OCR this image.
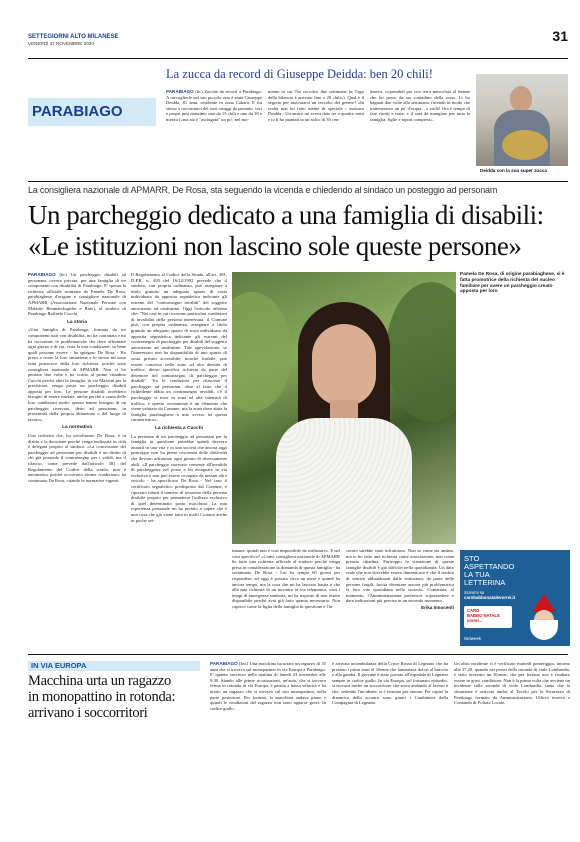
SETTEGIORNI ALTO MILANESE
VENERDÌ 27 NOVEMBRE 2020	31
PARABIAGO
La zucca da record di Giuseppe Deidda: ben 20 chili!
PARABIAGO (bc) Zucche da record a Parabiago. A raccoglierle nel suo piccolo orto è stato Giuseppe Deidda, 81 anni, residente in zona Cakara. E lui stesso a raccontarci del suoi ortaggi da primato, veri e propri pesi massimi: uno da 15 chili e uno da 18 e mezzo («ma sta è "asciugata" un po'; nel mo-
mento in cui l'ho raccolta, due settimane fa, l'ago della bilancia è arrivato fino a 20 chili»). Qual è il segreto per assicurarsi un raccolto del genere? «In realtà non ho fatto niente di speciale - assicura Deidda - Un amico mi aveva dato tre o quattro semi e io li ho piantati in un solco di 30 cen-
timetri, coprendoli poi con terra mescolata al letame che ho preso da un contadino della zona. Li ho bagnati due volte alla settimana, facendo in modo che trattenessero un po' d'acqua... e voilà! Ora è tempo di fare risotti e torte, e il sarà da mangiare per tutta la famiglia, figlie e nipoti compresi».
Deidda con la sua super zucca
La consigliera nazionale di APMARR, De Rosa, sta seguendo la vicenda e chiedendo al sindaco un posteggio ad personam
Un parcheggio dedicato a una famiglia di disabili:
«Le istituzioni non lascino sole queste persone»

PARABIAGO (bc) Un parcheggio disabili ad personam, ovvero privato, per una famiglia di tre componenti con disabilità di Parabiago. E' questa la richiesta ufficiale avanzata da Pamela De Rosa, parabiaghese d'origine e consigliere nazionale di APMARR (Associazione Nazionale Persone con Malattie Reumatologiche e Rare), al sindaco di Parabiago Raffaele Cucchi.

La storia

«Una famiglia di Parabiago, formata da tre componenti tutti con disabilità, mi ha contattata e mi ha raccontato le problematiche che deve affrontare ogni giorno e di cui, vista la mia condizione, so bene quali possano essere - ha spiegato De Rosa - Ho preso a cuore la loro situazione e lo stesso mi sono fatta portavoce della loro richiesta, poiché sono consigliera nazionale di APMARR. Non ci ho pensato due volte e ho scritto al primo cittadino Cucchi perché abiti la famiglia, in via Mazzini per la precisione, venga posto un parcheggio disabili apposta per loro. Le persone disabili avrebbero bisogno di essere tutelate, anche perché a causa delle loro condizioni molto spesso hanno bisogno di un parcheggio riservato, detto ad personam, in prossimità della propria abitazione o del luogo di lavoro».

La normativa

Una richiesta che, ha sottolineato De Rosa, è in diritto e la decisione perché venga realizzata in città è delegata proprio al sindaco. «La concessione del parcheggio ad personam per disabili è un diritto di chi già possiede il contrassegno per i validi, ma il rilascio, come prevede dall'articolo 381 del Regolamento del Codice della strada, non è automatico poiché occorrono alcune condizioni» ha continuato De Rosa, citando le normative vigenti.

Il Regolamento al Codice della Strada, all'art. 381, D.P.R. n. 495 del 16/12/1992 prevede che il sindaco, con propria ordinanza, può assegnare a titolo gratuito un adeguato spazio di sosta individuato da apposita segnaletica indicante gli estremi del "contrassegno invalidi" del soggetto autorizzato ad usufruirne. Oggi l'articolo afferma che: "Nei casi in cui ricorrono particolari condizioni di invalidità della persona interessata, il Comune può, con propria ordinanza, assegnare a titolo gratuito un adeguato spazio di sosta individuato da apposita segnaletica indicante gli estremi del contrassegno di parcheggio per disabili del soggetto autorizzato ad usufruirne. Tale agevolazione, se l'interessato non ha disponibilità di uno spazio di sosta privato accessibile, nonché fruibile, può essere concessa nelle zone ad alta densità di traffico, dietro specifica richiesta da parte del detentore del contrassegno di parcheggio per disabili". Tra le condizioni per rilasciare il parcheggio ad personam, oltre al fatto che il richiedente abbia un contrassegno invalidi, c'è il parcheggio si trovi in zona ad alta intensità di traffico, e questo ovviamente è un elemento che viene valutato da Comune, ma la zona dove abita la famiglia parabiaghese a mio avviso ha questa caratteristica».

La richiesta a Cucchi

La presenza di un parcheggio ad personam per la famiglia in questione potrebbe quindi davvero aiutarli in una vita e in una società che ancora oggi purtroppo non ha piena coscienza delle difficoltà che devono affrontare ogni giorno di diversamente abili. «Il parcheggio riservato consente all'invalido di parcheggiare nel posto a lui assegnato in via esclusiva e non può essere occupato da nessun altro veicolo - ha specificato De Rosa - Nel caso il certificato segnaletico predisposto dal Comune, è riportato infatti il numero di tesserino della persona disabile proprio per permettere l'utilizzo esclusivo di quel determinato posto macchina. La mia esperienza personale mi ha portato a capire che è una cosa che già viene fatta in molti Comuni anche in poche set-

Pamela De Rosa, di origine parabiaghese, si è fatta promotrice della richiesta del nucleo familiare per avere un parcheggio creato apposta per loro
timane, quindi non è così impossibile da realizzare». E nel caso specifico? «Come consigliera nazionale di APMARR ho fatto una richiesta ufficiale al sindaco perché venga presa in considerazione la domanda di questa famiglia - ha continuato De Rosa - Lui ha tempo 60 giorni per rispondere; ad oggi è passato circa un mese e quindi ha ancora tempo, ma la cosa che mi ha lasciato basita è che alla mia richiesta di un incontro in via telematica, visti i tempi di emergenza sanitaria, mi ha risposto di non essere disponibile perché avrà già fatto quanto necessario. Non capisco come la figlia della famiglia in questione e l'in-

contro sarebbe stato infruttuoso. Non so come sia andata, ma io ho fatto una richiesta come associazione, non come privata cittadina. Purtroppo la situazione di queste famiglie disabili è già difficile nella quotidianità. Un dato reale che non dovrebbe essere dimenticato è che il rischio di sentirsi abbandonati dalle istituzioni, da parte delle persone fragili, faccia diventare ancora più problematica la loro vita quotidiana nella società». Contattata, al momento, l'Amministrazione preferisce soprassedere e dare indicazioni più precise in un secondo momento.

Erika Innocenti

STO
ASPETTANDO
LA TUA
LETTERINA
Scrivimi su
carobabbonatalevorrei.it
CARO
BABBO NATALE
vorrei...
Netweek
IN VIA EUROPA
Macchina urta un ragazzo
in monopattino in rotonda:
arrivano i soccorritori
PARABIAGO (bsc) Una macchina ha urtato un ragazzo di 35 anni che si trovava sul monopattino in via Europa a Parabiago. E' quanto successo nella mattina di lunedì 23 novembre alle 9.30. Stando alle prime ricostruzioni, un'auto, che si trovava ferma in rotonda in via Europa, è partita a bassa velocità e ha urtato un ragazzo che si trovava sul suo monopattino, nella parte posteriore. Per fortuna, la macchina andava piano e quindi le condizioni del ragazzo non sono apparse gravi. In codice giallo,
è arrivata un'ambulanza della Croce Rossa di Legnano che ha prestato i primi aiuti al 35enne che lamentava dolori al braccio e alla gamba. Il giovane è stato portato all'ospedale di Legnano sempre in codice giallo. In via Europa, sul fortunato episodio, si trovava anche un soccorritore che stava andando al lavoro e che, vedendo l'incidente, si è fermato per aiutare. Per capire la dinamica dello scontro sono giunti i Carabinieri della Compagnia di Legnano.
Un altro incidente si è verificato martedì pomeriggio, intorno alle 17.20, quando nei pressi della rotonda di viale Lombardia, è stato investito un 81enne, che per fortuna non è risultato essere in gravi condizioni. Non è la prima volta che avviene un incidente sulla rotonda di viale Lombardia, tanto che la situazione è arrivata anche al Tavolo per la Sicurezza di Parabiago formato da Amministrazione, Ufficio tecnico e Comando di Polizia Locale.
